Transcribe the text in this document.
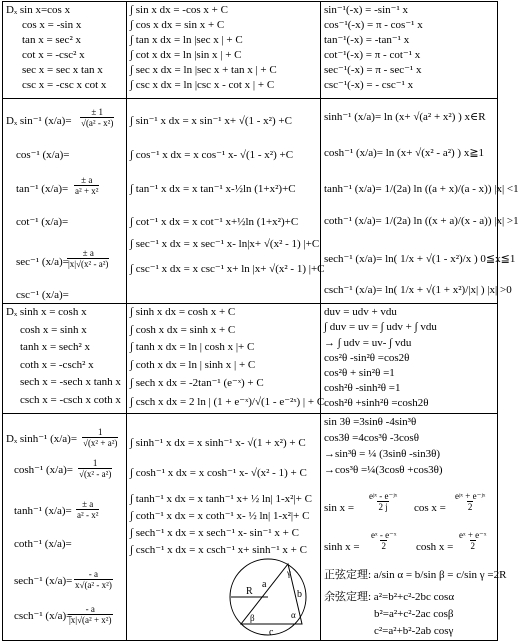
Dₓ sin x=cos x
cos x = -sin x
tan x = sec² x
cot x = -csc² x
sec x = sec x tan x
csc x = -csc x cot x
∫ sin x dx = -cos x + C
∫ cos x dx = sin x + C
∫ tan x dx = ln |sec x | + C
∫ cot x dx = ln |sin x | + C
∫ sec x dx = ln |sec x + tan x | + C
∫ csc x dx = ln |csc x - cot x | + C
sin⁻¹(-x) = -sin⁻¹ x
cos⁻¹(-x) = π - cos⁻¹ x
tan⁻¹(-x) = -tan⁻¹ x
cot⁻¹(-x) = π - cot⁻¹ x
sec⁻¹(-x) = π - sec⁻¹ x
csc⁻¹(-x) = - csc⁻¹ x
Dₓ sin⁻¹ $(x/a)= \frac{\pm 1}{\text{√(a² - x²)}}$
cos⁻¹ (x/a)=
tan⁻¹ $(x/a)= \frac{\pm a}{\text{a² + x²}}$
cot⁻¹ (x/a)=
sec⁻¹ (x/a)=
$\frac{\pm a}{\text{|x|√(x² - a²)}}$
csc⁻¹ (x/a)=
∫ sin⁻¹ x dx = x sin⁻¹ x+ √(1 - x²) +C
∫ cos⁻¹ x dx = x cos⁻¹ x- √(1 - x²) +C
∫ tan⁻¹ x dx = x tan⁻¹ x-½ln (1+x²)+C
∫ cot⁻¹ x dx = x cot⁻¹ x+½ln (1+x²)+C
∫ sec⁻¹ x dx = x sec⁻¹ x- ln|x+ √(x² - 1) |+C
∫ csc⁻¹ x dx = x csc⁻¹ x+ ln |x+ √(x² - 1) |+C
sinh⁻¹ (x/a)= ln (x+ √(a² + x²) ) x∈R
cosh⁻¹ (x/a)= ln (x+ √(x² - a²) ) x≧1
tanh⁻¹ (x/a)= 1/(2a) ln ((a + x)/(a - x)) |x| <1
coth⁻¹ (x/a)= 1/(2a) ln ((x + a)/(x - a)) |x| >1
sech⁻¹ (x/a)= ln( 1/x + √(1 - x²)/x ) 0≦x≦1
csch⁻¹ (x/a)= ln( 1/x + √(1 + x²)/|x| ) |x| >0
Dₓ sinh x = cosh x
cosh x = sinh x
tanh x = sech² x
coth x = -csch² x
sech x = -sech x tanh x
csch x = -csch x coth x
∫ sinh x dx = cosh x + C
∫ cosh x dx = sinh x + C
∫ tanh x dx = ln | cosh x |+ C
∫ coth x dx = ln | sinh x | + C
∫ sech x dx = -2tan⁻¹ (e⁻ˣ) + C
∫ csch x dx = 2 ln | (1 + e⁻ˣ)/√(1 - e⁻²ˣ) | + C
duv = udv + vdu
∫ duv = uv = ∫ udv + ∫ vdu
→ ∫ udv = uv- ∫ vdu
cos²θ -sin²θ =cos2θ
cos²θ + sin²θ =1
cosh²θ -sinh²θ =1
cosh²θ +sinh²θ =cosh2θ
Dₓ sinh⁻¹ $(x/a)= \frac{1}{\text{√(x² + a²)}}$
cosh⁻¹ $(x/a)= \frac{1}{\text{√(x² - a²)}}$
tanh⁻¹ $(x/a)= \frac{\pm a}{\text{a² - x²}}$
coth⁻¹ (x/a)=
sech⁻¹ $(x/a)= \frac{- a}{\text{x√(a² - x²)}}$
csch⁻¹ (x/a)=
$\frac{- a}{\text{|x|√(a² + x²)}}$
∫ sinh⁻¹ x dx = x sinh⁻¹ x- √(1 + x²) + C
∫ cosh⁻¹ x dx = x cosh⁻¹ x- √(x² - 1) + C
∫ tanh⁻¹ x dx = x tanh⁻¹ x+ ½ ln| 1-x²|+ C
∫ coth⁻¹ x dx = x coth⁻¹ x- ½ ln| 1-x²|+ C
∫ sech⁻¹ x dx = x sech⁻¹ x- sin⁻¹ x + C
∫ csch⁻¹ x dx = x csch⁻¹ x+ sinh⁻¹ x + C
a
b
c
R
α
β
γ
sin 3θ =3sinθ -4sin³θ
cos3θ =4cos³θ -3cosθ
→sin³θ = ¼ (3sinθ -sin3θ)
→cos³θ =¼(3cosθ +cos3θ)
sin x =
eʲˣ - e⁻ʲˣ
2 j cos x =
eʲˣ + e⁻ʲˣ
2
$\sinh x = \frac{\text{eˣ - e⁻ˣ}}{2}$ $\cosh x = \frac{\text{eˣ + e⁻ˣ}}{2}$
正弦定理: a/sin α = b/sin β = c/sin γ =2R
余弦定理: a²=b²+c²-2bc cosα
b²=a²+c²-2ac cosβ
c²=a²+b²-2ab cosγ
